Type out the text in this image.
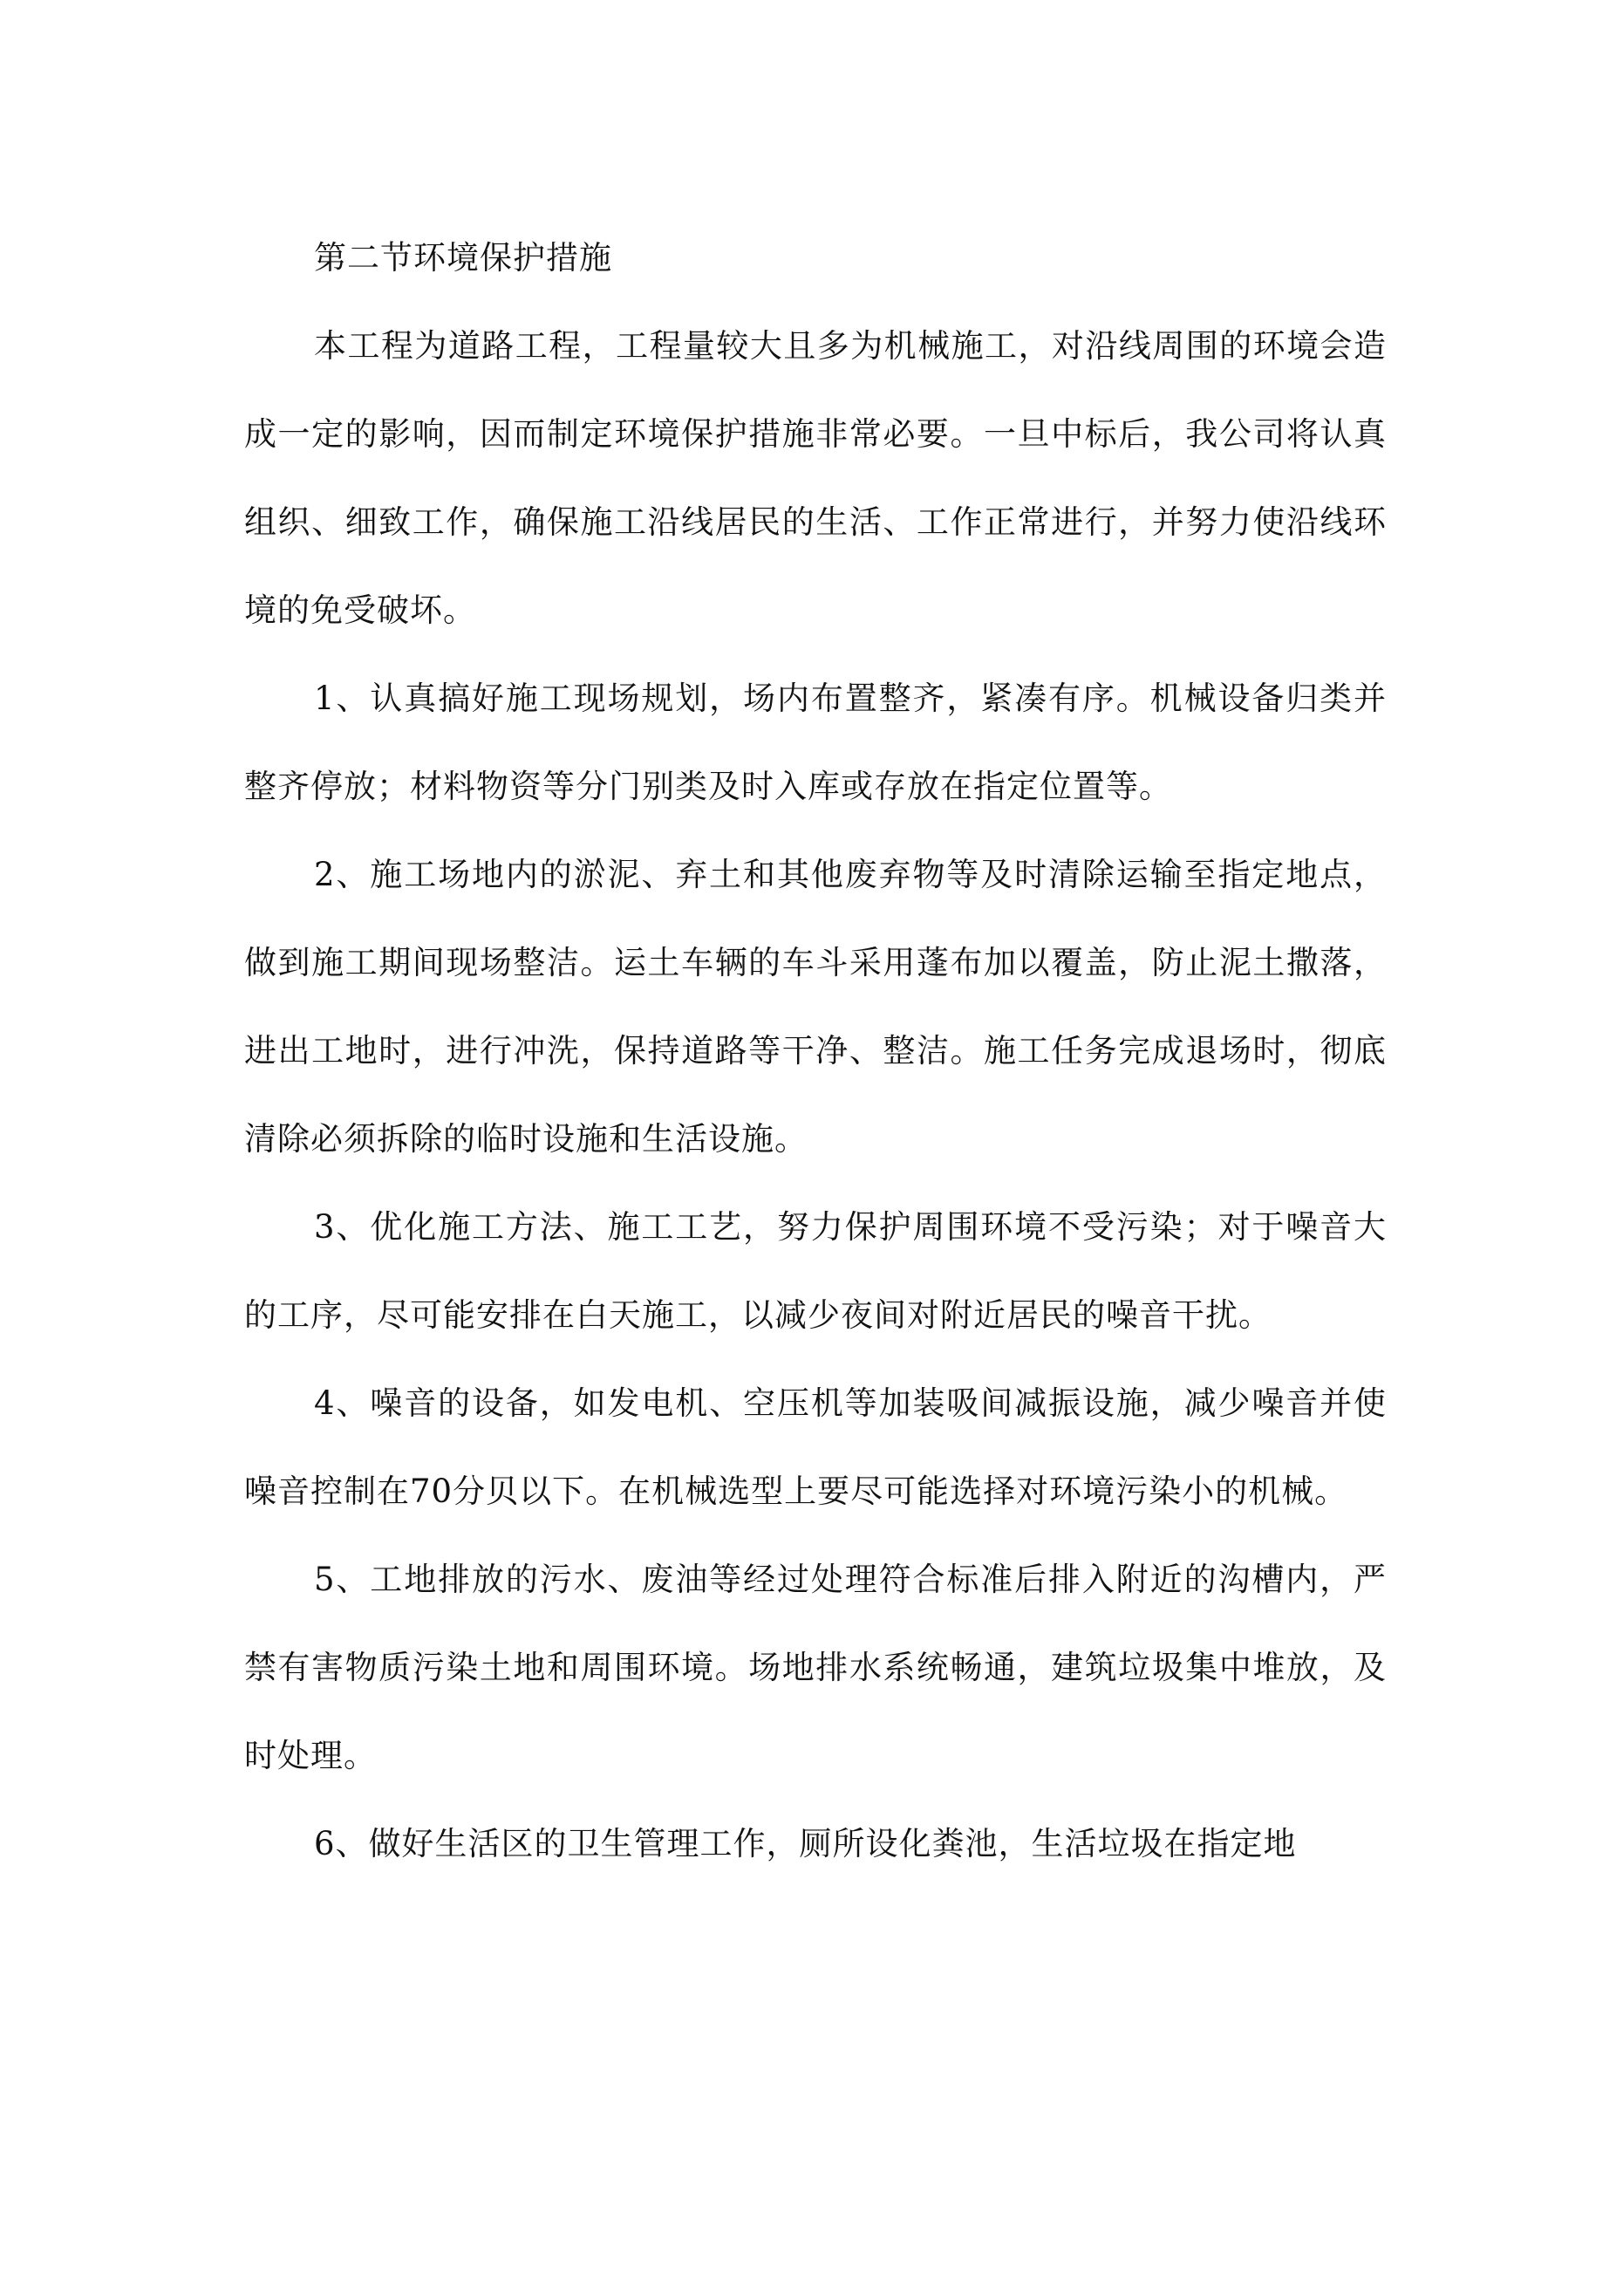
第二节环境保护措施

本工程为道路工程，工程量较大且多为机械施工，对沿线周围的环境会造成一定的影响，因而制定环境保护措施非常必要。一旦中标后，我公司将认真组织、细致工作，确保施工沿线居民的生活、工作正常进行，并努力使沿线环境的免受破坏。

1、认真搞好施工现场规划，场内布置整齐，紧凑有序。机械设备归类并整齐停放；材料物资等分门别类及时入库或存放在指定位置等。

2、施工场地内的淤泥、弃土和其他废弃物等及时清除运输至指定地点，做到施工期间现场整洁。运土车辆的车斗采用蓬布加以覆盖，防止泥土撒落，进出工地时，进行冲洗，保持道路等干净、整洁。施工任务完成退场时，彻底清除必须拆除的临时设施和生活设施。

3、优化施工方法、施工工艺，努力保护周围环境不受污染；对于噪音大的工序，尽可能安排在白天施工，以减少夜间对附近居民的噪音干扰。

4、噪音的设备，如发电机、空压机等加装吸间减振设施，减少噪音并使噪音控制在70分贝以下。在机械选型上要尽可能选择对环境污染小的机械。

5、工地排放的污水、废油等经过处理符合标准后排入附近的沟槽内，严禁有害物质污染土地和周围环境。场地排水系统畅通，建筑垃圾集中堆放，及时处理。

6、做好生活区的卫生管理工作，厕所设化粪池，生活垃圾在指定地
